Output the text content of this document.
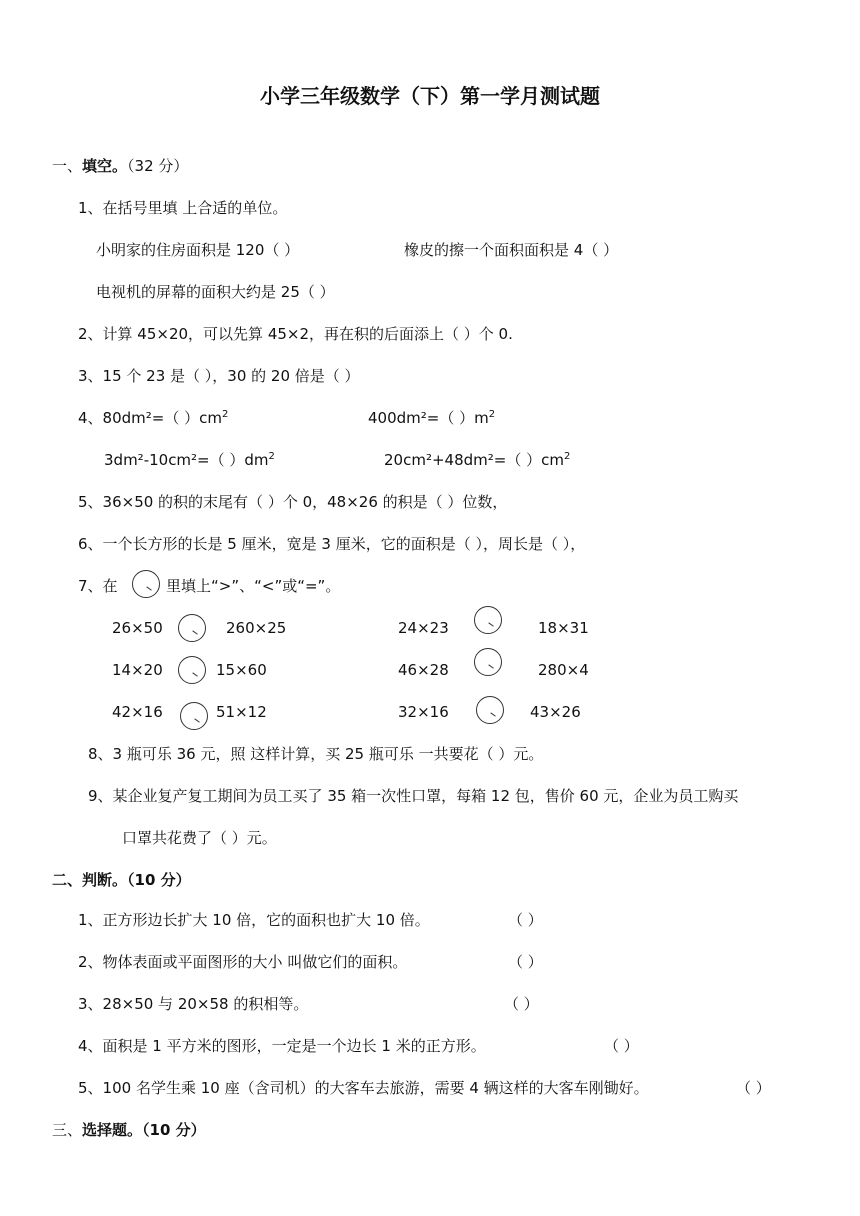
小学三年级数学（下）第一学月测试题
一、填空。（32 分）
1、在括号里填 上合适的单位。
小明家的住房面积是 120（ ）	橡皮的擦一个面积面积是 4（ ）
电视机的屏幕的面积大约是 25（ ）
2、计算 45×20，可以先算 45×2，再在积的后面添上（ ）个 0.
3、15 个 23 是（ ），30 的 20 倍是（ ）
4、80dm²=（ ）$cm^2$	400dm²=（ ）$m^2$
3dm²-10cm²=（ ）$dm^2$	20cm²+48dm²=（ ）$cm^2$
5、36×50 的积的末尾有（ ）个 0，48×26 的积是（ ）位数，
6、一个长方形的长是 5 厘米，宽是 3 厘米，它的面积是（ ），周长是（ ），
7、在	里填上“>”、“<”或“=”。
26×50	260×25	24×23	18×31
14×20	15×60	46×28	280×4
42×16	51×12	32×16	43×26
8、3 瓶可乐 36 元，照 这样计算，买 25 瓶可乐 一共要花（ ）元。
9、某企业复产复工期间为员工买了 35 箱一次性口罩，每箱 12 包，售价 60 元，企业为员工购买
口罩共花费了（ ）元。
二、判断。（10 分）
1、正方形边长扩大 10 倍，它的面积也扩大 10 倍。	（ ）
2、物体表面或平面图形的大小 叫做它们的面积。	（ ）
3、28×50 与 20×58 的积相等。	（ ）
4、面积是 1 平方米的图形，一定是一个边长 1 米的正方形。	（ ）
5、100 名学生乘 10 座（含司机）的大客车去旅游，需要 4 辆这样的大客车刚锄好。	（ ）
三、选择题。（10 分）
